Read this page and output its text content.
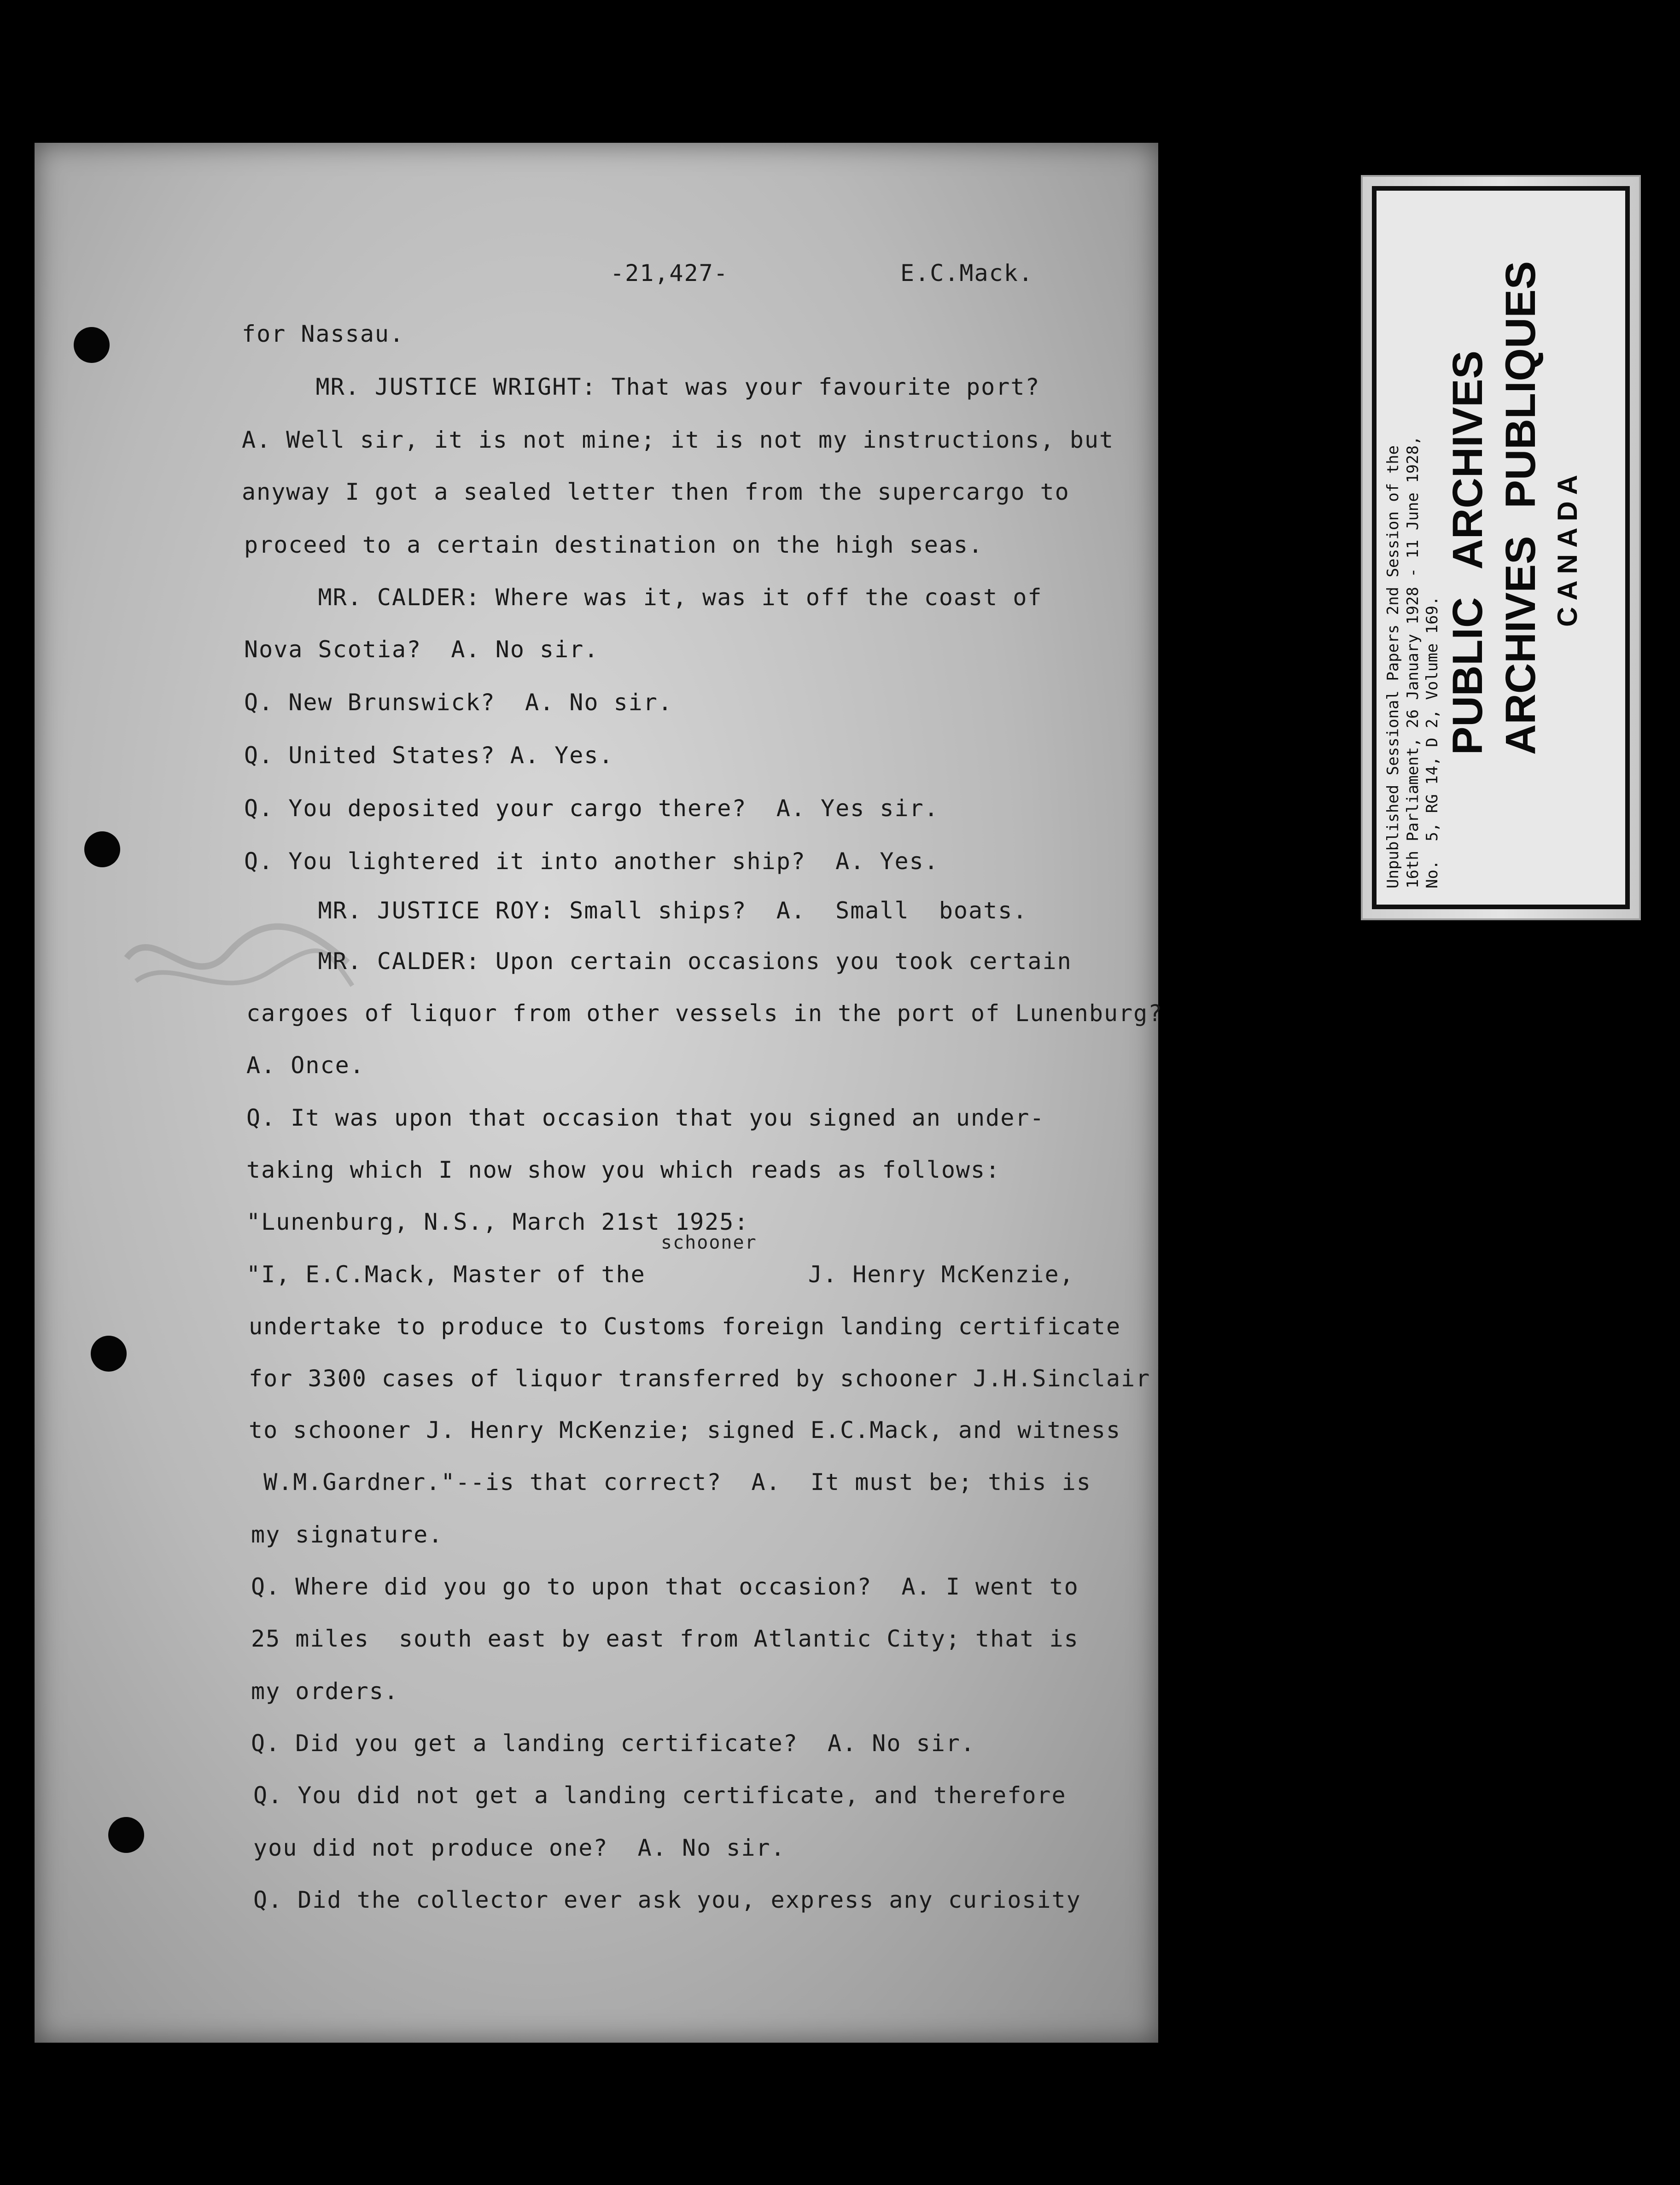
-21,427-	E.C.Mack.
for Nassau.
MR. JUSTICE WRIGHT: That was your favourite port?
A. Well sir, it is not mine; it is not my instructions, but
anyway I got a sealed letter then from the supercargo to
proceed to a certain destination on the high seas.
MR. CALDER: Where was it, was it off the coast of
Nova Scotia?  A. No sir.
Q. New Brunswick?  A. No sir.
Q. United States? A. Yes.
Q. You deposited your cargo there?  A. Yes sir.
Q. You lightered it into another ship?  A. Yes.
MR. JUSTICE ROY: Small ships?  A.  Small  boats.
MR. CALDER: Upon certain occasions you took certain
cargoes of liquor from other vessels in the port of Lunenburg?
A. Once.
Q. It was upon that occasion that you signed an under-
taking which I now show you which reads as follows:
"Lunenburg, N.S., March 21st 1925:
schooner
"I, E.C.Mack, Master of the           J. Henry McKenzie,
undertake to produce to Customs foreign landing certificate
for 3300 cases of liquor transferred by schooner J.H.Sinclair
to schooner J. Henry McKenzie; signed E.C.Mack, and witness
W.M.Gardner."--is that correct?  A.  It must be; this is
my signature.
Q. Where did you go to upon that occasion?  A. I went to
25 miles  south east by east from Atlantic City; that is
my orders.
Q. Did you get a landing certificate?  A. No sir.
Q. You did not get a landing certificate, and therefore
you did not produce one?  A. No sir.
Q. Did the collector ever ask you, express any curiosity
Unpublished Sessional Papers 2nd Session of the 16th Parliament, 26 January 1928 - 11 June 1928, No.  5, RG 14, D 2, Volume 169. PUBLIC
ARCHIVES
ARCHIVES
PUBLIQUES
CANADA
